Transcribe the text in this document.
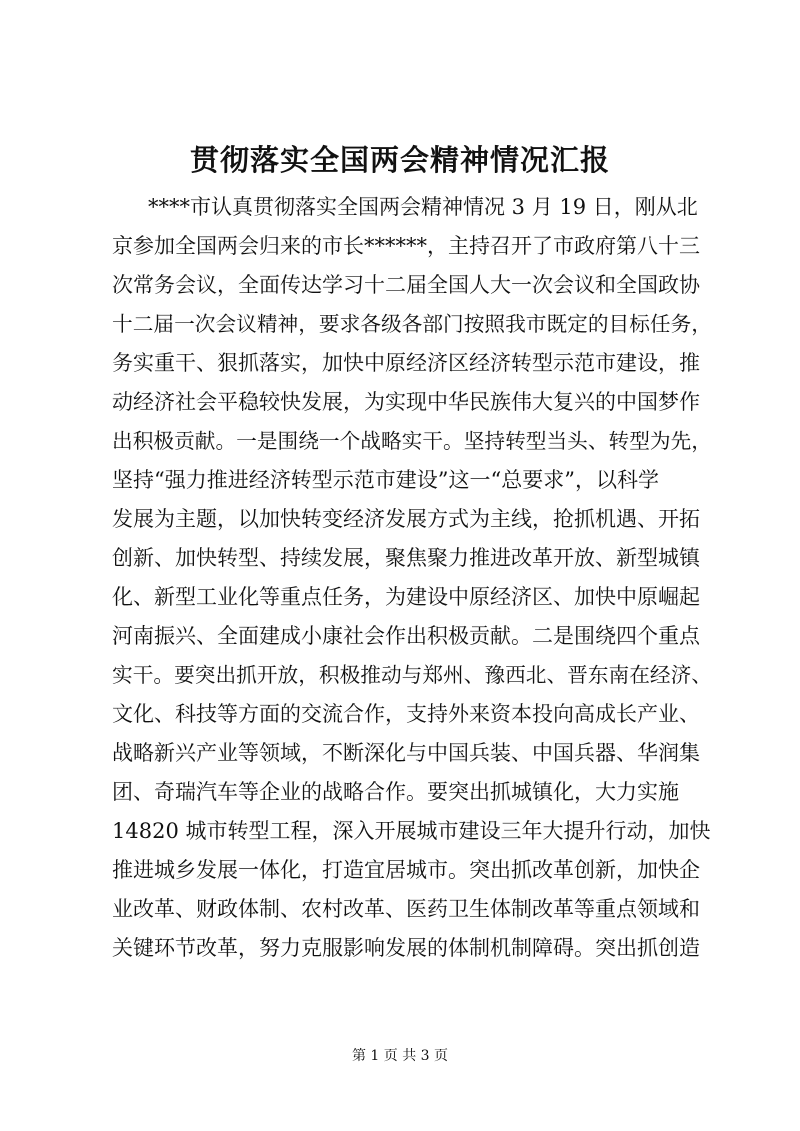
贯彻落实全国两会精神情况汇报
****市认真贯彻落实全国两会精神情况 3 月 19 日，刚从北
京参加全国两会归来的市长******，主持召开了市政府第八十三
次常务会议，全面传达学习十二届全国人大一次会议和全国政协
十二届一次会议精神，要求各级各部门按照我市既定的目标任务，
务实重干、狠抓落实，加快中原经济区经济转型示范市建设，推
动经济社会平稳较快发展，为实现中华民族伟大复兴的中国梦作
出积极贡献。一是围绕一个战略实干。坚持转型当头、转型为先，
坚持“强力推进经济转型示范市建设”这一“总要求”，以科学
发展为主题，以加快转变经济发展方式为主线，抢抓机遇、开拓
创新、加快转型、持续发展，聚焦聚力推进改革开放、新型城镇
化、新型工业化等重点任务，为建设中原经济区、加快中原崛起
河南振兴、全面建成小康社会作出积极贡献。二是围绕四个重点
实干。要突出抓开放，积极推动与郑州、豫西北、晋东南在经济、
文化、科技等方面的交流合作，支持外来资本投向高成长产业、
战略新兴产业等领域，不断深化与中国兵装、中国兵器、华润集
团、奇瑞汽车等企业的战略合作。要突出抓城镇化，大力实施
14820 城市转型工程，深入开展城市建设三年大提升行动，加快
推进城乡发展一体化，打造宜居城市。突出抓改革创新，加快企
业改革、财政体制、农村改革、医药卫生体制改革等重点领域和
关键环节改革，努力克服影响发展的体制机制障碍。突出抓创造
第 1 页 共 3 页
